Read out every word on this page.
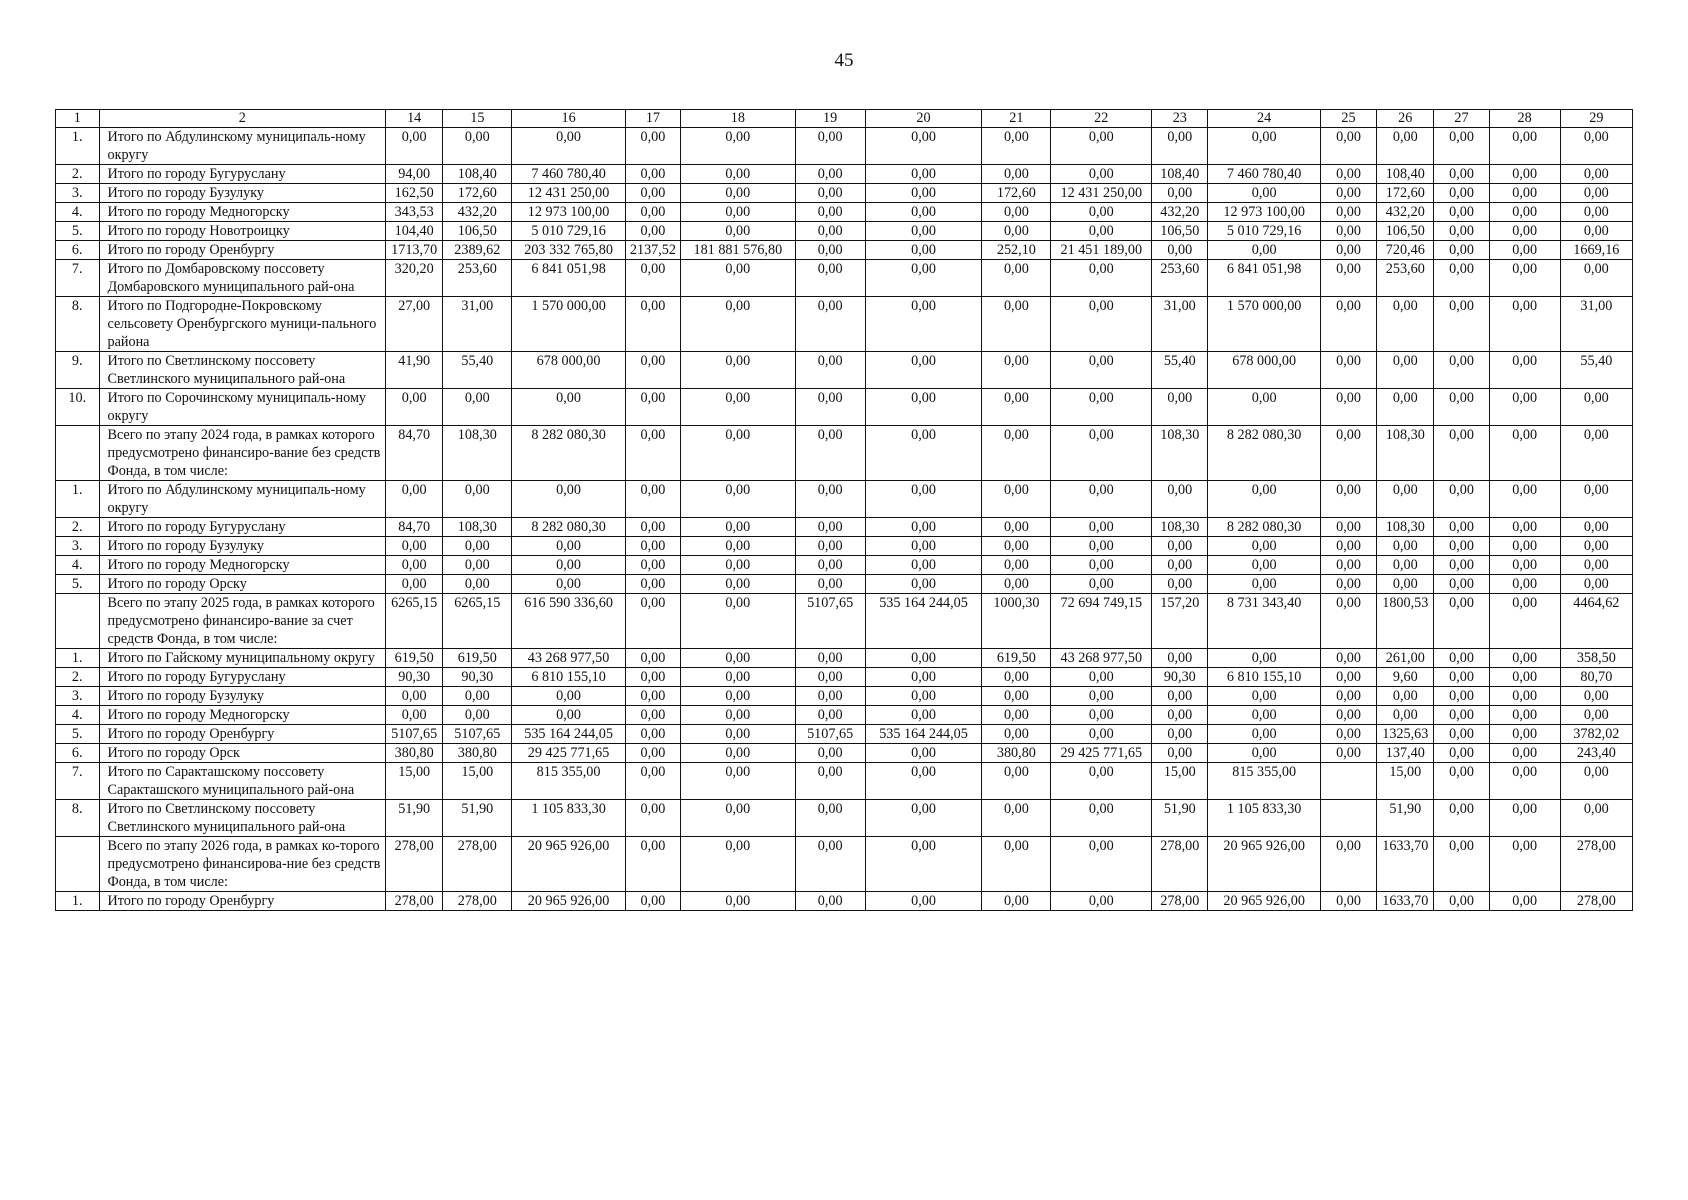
45
1	2	14	15	16	17	18	19	20	21	22	23	24	25	26	27	28	29
1.	Итого по Абдулинскому муниципаль-ному округу	0,00	0,00	0,00	0,00	0,00	0,00	0,00	0,00	0,00	0,00	0,00	0,00	0,00	0,00	0,00	0,00
2.	Итого по городу Бугуруслану	94,00	108,40	7 460 780,40	0,00	0,00	0,00	0,00	0,00	0,00	108,40	7 460 780,40	0,00	108,40	0,00	0,00	0,00
3.	Итого по городу Бузулуку	162,50	172,60	12 431 250,00	0,00	0,00	0,00	0,00	172,60	12 431 250,00	0,00	0,00	0,00	172,60	0,00	0,00	0,00
4.	Итого по городу Медногорску	343,53	432,20	12 973 100,00	0,00	0,00	0,00	0,00	0,00	0,00	432,20	12 973 100,00	0,00	432,20	0,00	0,00	0,00
5.	Итого по городу Новотроицку	104,40	106,50	5 010 729,16	0,00	0,00	0,00	0,00	0,00	0,00	106,50	5 010 729,16	0,00	106,50	0,00	0,00	0,00
6.	Итого по городу Оренбургу	1713,70	2389,62	203 332 765,80	2137,52	181 881 576,80	0,00	0,00	252,10	21 451 189,00	0,00	0,00	0,00	720,46	0,00	0,00	1669,16
7.	Итого по Домбаровскому поссовету Домбаровского муниципального рай-она	320,20	253,60	6 841 051,98	0,00	0,00	0,00	0,00	0,00	0,00	253,60	6 841 051,98	0,00	253,60	0,00	0,00	0,00
8.	Итого по Подгородне-Покровскому сельсовету Оренбургского муници-пального района	27,00	31,00	1 570 000,00	0,00	0,00	0,00	0,00	0,00	0,00	31,00	1 570 000,00	0,00	0,00	0,00	0,00	31,00
9.	Итого по Светлинскому поссовету Светлинского муниципального рай-она	41,90	55,40	678 000,00	0,00	0,00	0,00	0,00	0,00	0,00	55,40	678 000,00	0,00	0,00	0,00	0,00	55,40
10.	Итого по Сорочинскому муниципаль-ному округу	0,00	0,00	0,00	0,00	0,00	0,00	0,00	0,00	0,00	0,00	0,00	0,00	0,00	0,00	0,00	0,00
	Всего по этапу 2024 года, в рамках которого предусмотрено финансиро-вание без средств Фонда, в том числе:	84,70	108,30	8 282 080,30	0,00	0,00	0,00	0,00	0,00	0,00	108,30	8 282 080,30	0,00	108,30	0,00	0,00	0,00
1.	Итого по Абдулинскому муниципаль-ному округу	0,00	0,00	0,00	0,00	0,00	0,00	0,00	0,00	0,00	0,00	0,00	0,00	0,00	0,00	0,00	0,00
2.	Итого по городу Бугуруслану	84,70	108,30	8 282 080,30	0,00	0,00	0,00	0,00	0,00	0,00	108,30	8 282 080,30	0,00	108,30	0,00	0,00	0,00
3.	Итого по городу Бузулуку	0,00	0,00	0,00	0,00	0,00	0,00	0,00	0,00	0,00	0,00	0,00	0,00	0,00	0,00	0,00	0,00
4.	Итого по городу Медногорску	0,00	0,00	0,00	0,00	0,00	0,00	0,00	0,00	0,00	0,00	0,00	0,00	0,00	0,00	0,00	0,00
5.	Итого по городу Орску	0,00	0,00	0,00	0,00	0,00	0,00	0,00	0,00	0,00	0,00	0,00	0,00	0,00	0,00	0,00	0,00
	Всего по этапу 2025 года, в рамках которого предусмотрено финансиро-вание за счет средств Фонда, в том числе:	6265,15	6265,15	616 590 336,60	0,00	0,00	5107,65	535 164 244,05	1000,30	72 694 749,15	157,20	8 731 343,40	0,00	1800,53	0,00	0,00	4464,62
1.	Итого по Гайскому муниципальному округу	619,50	619,50	43 268 977,50	0,00	0,00	0,00	0,00	619,50	43 268 977,50	0,00	0,00	0,00	261,00	0,00	0,00	358,50
2.	Итого по городу Бугуруслану	90,30	90,30	6 810 155,10	0,00	0,00	0,00	0,00	0,00	0,00	90,30	6 810 155,10	0,00	9,60	0,00	0,00	80,70
3.	Итого по городу Бузулуку	0,00	0,00	0,00	0,00	0,00	0,00	0,00	0,00	0,00	0,00	0,00	0,00	0,00	0,00	0,00	0,00
4.	Итого по городу Медногорску	0,00	0,00	0,00	0,00	0,00	0,00	0,00	0,00	0,00	0,00	0,00	0,00	0,00	0,00	0,00	0,00
5.	Итого по городу Оренбургу	5107,65	5107,65	535 164 244,05	0,00	0,00	5107,65	535 164 244,05	0,00	0,00	0,00	0,00	0,00	1325,63	0,00	0,00	3782,02
6.	Итого по городу Орск	380,80	380,80	29 425 771,65	0,00	0,00	0,00	0,00	380,80	29 425 771,65	0,00	0,00	0,00	137,40	0,00	0,00	243,40
7.	Итого по Саракташскому поссовету Саракташского муниципального рай-она	15,00	15,00	815 355,00	0,00	0,00	0,00	0,00	0,00	0,00	15,00	815 355,00		15,00	0,00	0,00	0,00
8.	Итого по Светлинскому поссовету Светлинского муниципального рай-она	51,90	51,90	1 105 833,30	0,00	0,00	0,00	0,00	0,00	0,00	51,90	1 105 833,30		51,90	0,00	0,00	0,00
	Всего по этапу 2026 года, в рамках ко-торого предусмотрено финансирова-ние без средств Фонда, в том числе:	278,00	278,00	20 965 926,00	0,00	0,00	0,00	0,00	0,00	0,00	278,00	20 965 926,00	0,00	1633,70	0,00	0,00	278,00
1.	Итого по городу Оренбургу	278,00	278,00	20 965 926,00	0,00	0,00	0,00	0,00	0,00	0,00	278,00	20 965 926,00	0,00	1633,70	0,00	0,00	278,00
